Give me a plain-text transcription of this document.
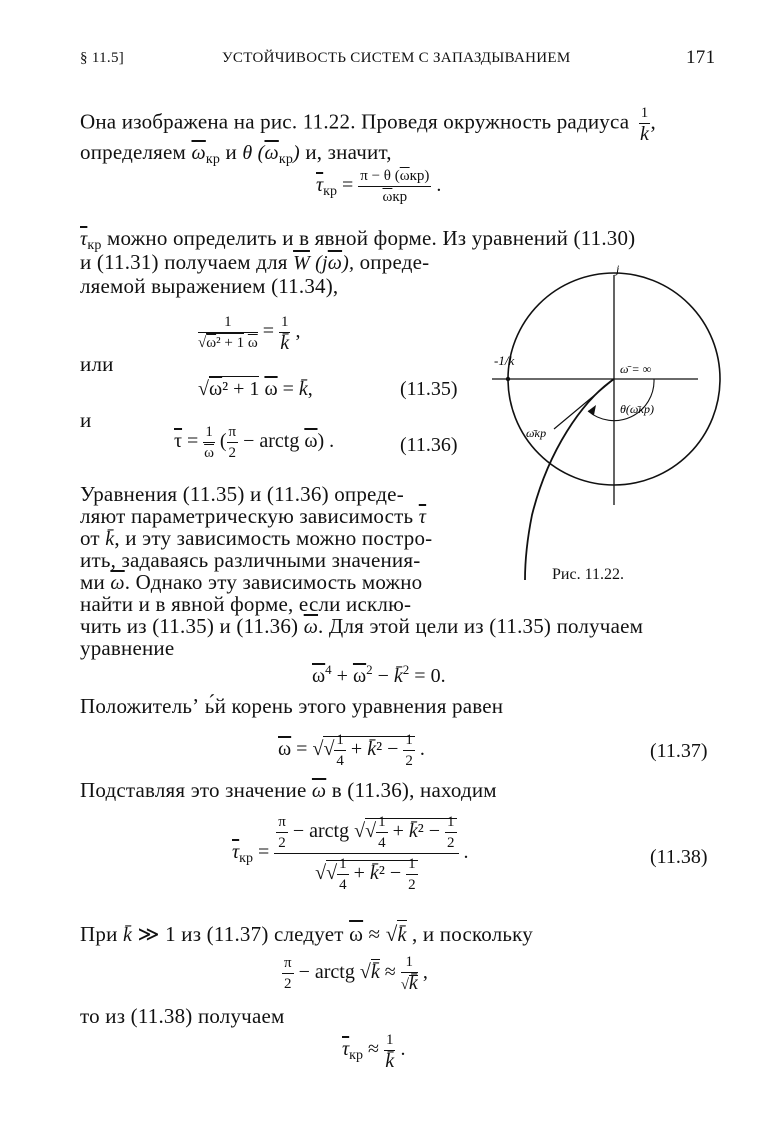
§ 11.5]	УСТОЙЧИВОСТЬ СИСТЕМ С ЗАПАЗДЫВАНИЕМ	171
Она изображена на рис. 11.22. Проведя окружность радиуса $\frac{1}{k}$ ,
определяем $\overline{\omega}_{кр}$ и θ $(\overline{\omega}_{кр})$ и, значит,
$\overline{\tau}_{кр} = \frac{\pi - \theta (\overline{\omega}кр)}{\overline{\omega}кр}$ .
$\overline{\tau}_{кр}$ можно определить и в явной форме. Из уравнений (11.30)
и (11.31) получаем для $\overline{W}$ $(j\overline{\omega})$, опреде-
ляемой выражением (11.34),
$\frac{1}{√\omega^2 + 1 \overline{\omega}} = \frac{1}{k̄}$ ,
или
√ω² + 1 $\overline{\omega}$ = k̄,	(11.35)
и
$\overline{\tau} = \frac{1}{\omega}$ ( $\frac{\pi}{2}$ − arctg $\overline{\omega}$) .	(11.36)
Уравнения (11.35) и (11.36) опреде-
ляют параметрическую зависимость $\overline{\tau}$
от k̄, и эту зависимость можно постро-
ить, задаваясь различными значения-
ми $\overline{\omega}$. Однако эту зависимость можно
найти и в явной форме, если исклю-
чить из (11.35) и (11.36) $\overline{\omega}$. Для этой цели из (11.35) получаем
уравнение
$\overline{\omega}^4 + \overline{\omega}^2$ − k̄$^2$ = 0.
Положительʼ ь́й корень этого уравнения равен
$\overline{\omega}$ = √√ $\frac{1}{4}$ + k̄² − $\frac{1}{2}$ .	(11.37)
Подставляя это значение $\overline{\omega}$ в (11.36), находим
$\overline{\tau}_{кр} = \frac{\frac{\pi}{2} - arctg √√ \frac{1}{4} + k̄^2 - \frac{1}{2}}{√√ \frac{1}{4} + k̄^2 - \frac{1}{2}}$ .	(11.38)
При k̄ ≫ 1 из (11.37) следует $\overline{\omega}$ ≈ √k̄ , и поскольку
$\frac{\pi}{2}$ − arctg √k̄ ≈ $\frac{1}{√k̄}$ ,
то из (11.38) получаем
$\overline{\tau}_{кр} \approx \frac{1}{k̄}$ .
j
-1/k
ω̄ = ∞
θ(ω̄кр)
ω̄кр
Рис. 11.22.
